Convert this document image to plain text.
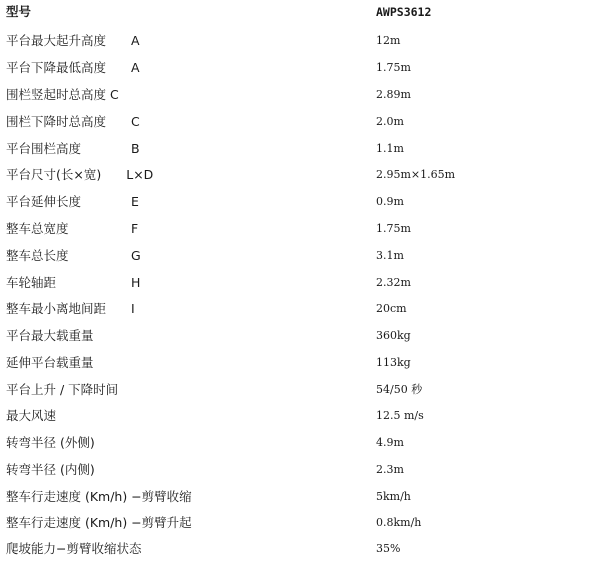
型号	AWPS3612
平台最大起升高度　　A	12m
平台下降最低高度　　A	1.75m
围栏竖起时总高度 C	2.89m
围栏下降时总高度　　C	2.0m
平台围栏高度　　　　B	1.1m
平台尺寸(长×宽)　　L×D	2.95m×1.65m
平台延伸长度　　　　E	0.9m
整车总宽度　　　　　F	1.75m
整车总长度　　　　　G	3.1m
车轮轴距　　　　　　H	2.32m
整车最小离地间距　　I	20cm
平台最大载重量	360kg
延伸平台载重量	113kg
平台上升 / 下降时间	54/50 秒
最大风速	12.5 m/s
转弯半径 (外侧)	4.9m
转弯半径 (内侧)	2.3m
整车行走速度 (Km/h) −剪臂收缩	5km/h
整车行走速度 (Km/h) −剪臂升起	0.8km/h
爬坡能力−剪臂收缩状态	35%
